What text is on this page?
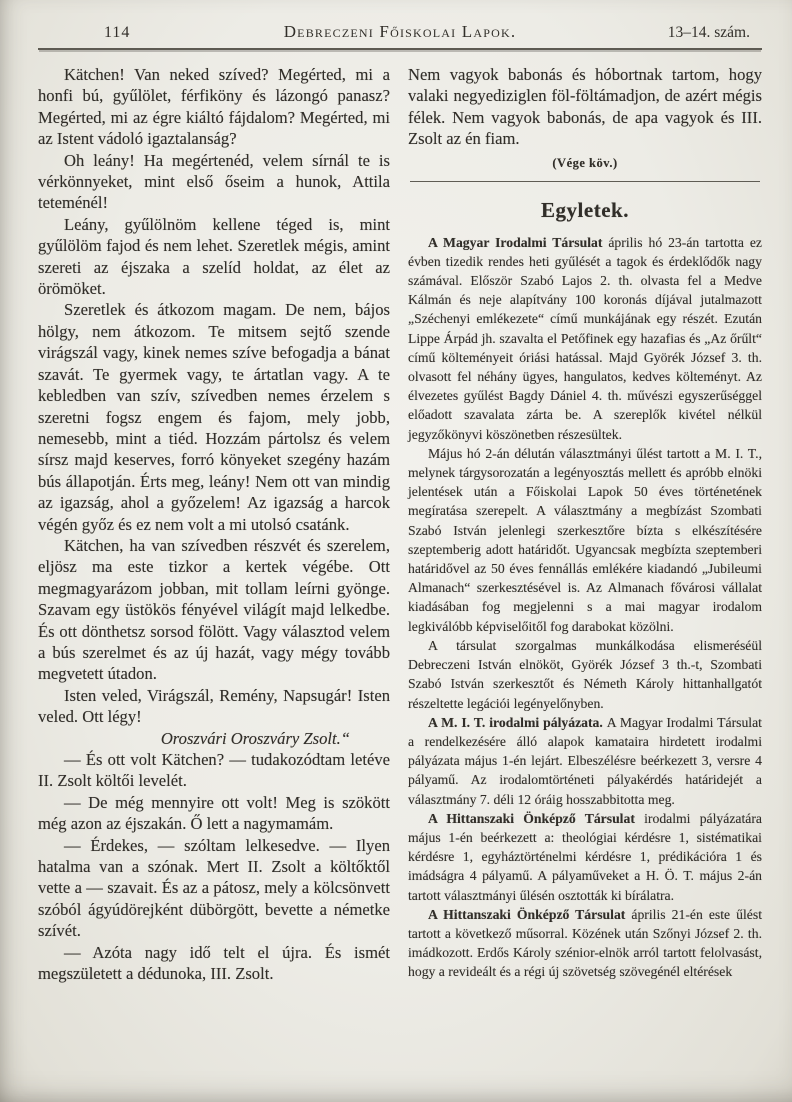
114	Debreczeni Főiskolai Lapok.	13–14. szám.

Kätchen! Van neked szíved? Megérted, mi a honfi bú, gyűlölet, férfiköny és lázongó panasz? Megérted, mi az égre kiáltó fájdalom? Megérted, mi az Istent vádoló igaztalanság?

Oh leány! Ha megértenéd, velem sírnál te is vérkönnyeket, mint első őseim a hunok, Attila teteménél!

Leány, gyűlölnöm kellene téged is, mint gyűlölöm fajod és nem lehet. Szeretlek mégis, amint szereti az éjszaka a szelíd holdat, az élet az örömöket.

Szeretlek és átkozom magam. De nem, bájos hölgy, nem átkozom. Te mitsem sejtő szende virágszál vagy, kinek nemes szíve befogadja a bánat szavát. Te gyermek vagy, te ártatlan vagy. A te kebledben van szív, szívedben nemes érzelem s szeretni fogsz engem és fajom, mely jobb, nemesebb, mint a tiéd. Hozzám pártolsz és velem sírsz majd keserves, forró könyeket szegény hazám bús állapotján. Érts meg, leány! Nem ott van mindig az igazság, ahol a győzelem! Az igazság a harcok végén győz és ez nem volt a mi utolsó csatánk.

Kätchen, ha van szívedben részvét és szerelem, eljösz ma este tizkor a kertek végébe. Ott megmagyarázom jobban, mit tollam leírni gyönge. Szavam egy üstökös fényével világít majd lelkedbe. És ott dönthetsz sorsod fölött. Vagy választod velem a bús szerelmet és az új hazát, vagy mégy tovább megvetett útadon.

Isten veled, Virágszál, Remény, Napsugár! Isten veled. Ott légy!

Oroszvári Oroszváry Zsolt.“

— És ott volt Kätchen? — tudakozódtam letéve II. Zsolt költői levelét.

— De még mennyire ott volt! Meg is szökött még azon az éjszakán. Ő lett a nagymamám.

— Érdekes, — szóltam lelkesedve. — Ilyen hatalma van a szónak. Mert II. Zsolt a költőktől vette a — szavait. És az a pátosz, mely a kölcsönvett szóból ágyúdörejként dübörgött, bevette a németke szívét.

— Azóta nagy idő telt el újra. És ismét megszületett a dédunoka, III. Zsolt.

Nem vagyok babonás és hóbortnak tartom, hogy valaki negyediziglen föl-föltámadjon, de azért mégis félek. Nem vagyok babonás, de apa vagyok és III. Zsolt az én fiam.

(Vége köv.)

Egyletek.

A Magyar Irodalmi Társulat április hó 23-án tartotta ez évben tizedik rendes heti gyűlését a tagok és érdeklődők nagy számával. Először Szabó Lajos 2. th. olvasta fel a Medve Kálmán és neje alapítvány 100 koronás díjával jutalmazott „Széchenyi emlékezete“ című munkájának egy részét. Ezután Lippe Árpád jh. szavalta el Petőfinek egy hazafias és „Az őrűlt“ című költeményeit óriási hatással. Majd Györék József 3. th. olvasott fel néhány ügyes, hangulatos, kedves költeményt. Az élvezetes gyűlést Bagdy Dániel 4. th. művészi egyszerűséggel előadott szavalata zárta be. A szereplők kivétel nélkül jegyzőkönyvi köszönetben részesültek.

Május hó 2-án délután választmányi űlést tartott a M. I. T., melynek tárgysorozatán a legényosztás mellett és apróbb elnöki jelentések után a Főiskolai Lapok 50 éves történetének megíratása szerepelt. A választmány a megbízást Szombati Szabó István jelenlegi szerkesztőre bízta s elkészítésére szeptemberig adott határidőt. Ugyancsak megbízta szeptemberi határidővel az 50 éves fennállás emlékére kiadandó „Jubileumi Almanach“ szerkesztésével is. Az Almanach fővárosi vállalat kiadásában fog megjelenni s a mai magyar irodalom legkiválóbb képviselőitől fog darabokat közölni.

A társulat szorgalmas munkálkodása elismeréséül Debreczeni István elnököt, Györék József 3 th.-t, Szombati Szabó István szerkesztőt és Németh Károly hittanhallgatót részeltette legációi legényelőnyben.

A M. I. T. irodalmi pályázata. A Magyar Irodalmi Társulat a rendelkezésére álló alapok kamataira hirdetett irodalmi pályázata május 1-én lejárt. Elbeszélésre beérkezett 3, versre 4 pályamű. Az irodalomtörténeti pályakérdés határidejét a választmány 7. déli 12 óráig hosszabbitotta meg.

A Hittanszaki Önképző Társulat irodalmi pályázatára május 1-én beérkezett a: theológiai kérdésre 1, sistématikai kérdésre 1, egyháztörténelmi kérdésre 1, prédikációra 1 és imádságra 4 pályamű. A pályaműveket a H. Ö. T. május 2-án tartott választmányi űlésén osztották ki bírálatra.

A Hittanszaki Önképző Társulat április 21-én este űlést tartott a következő műsorral. Közének után Szőnyi József 2. th. imádkozott. Erdős Károly szénior-elnök arról tartott felolvasást, hogy a revideált és a régi új szövetség szövegénél eltérések
